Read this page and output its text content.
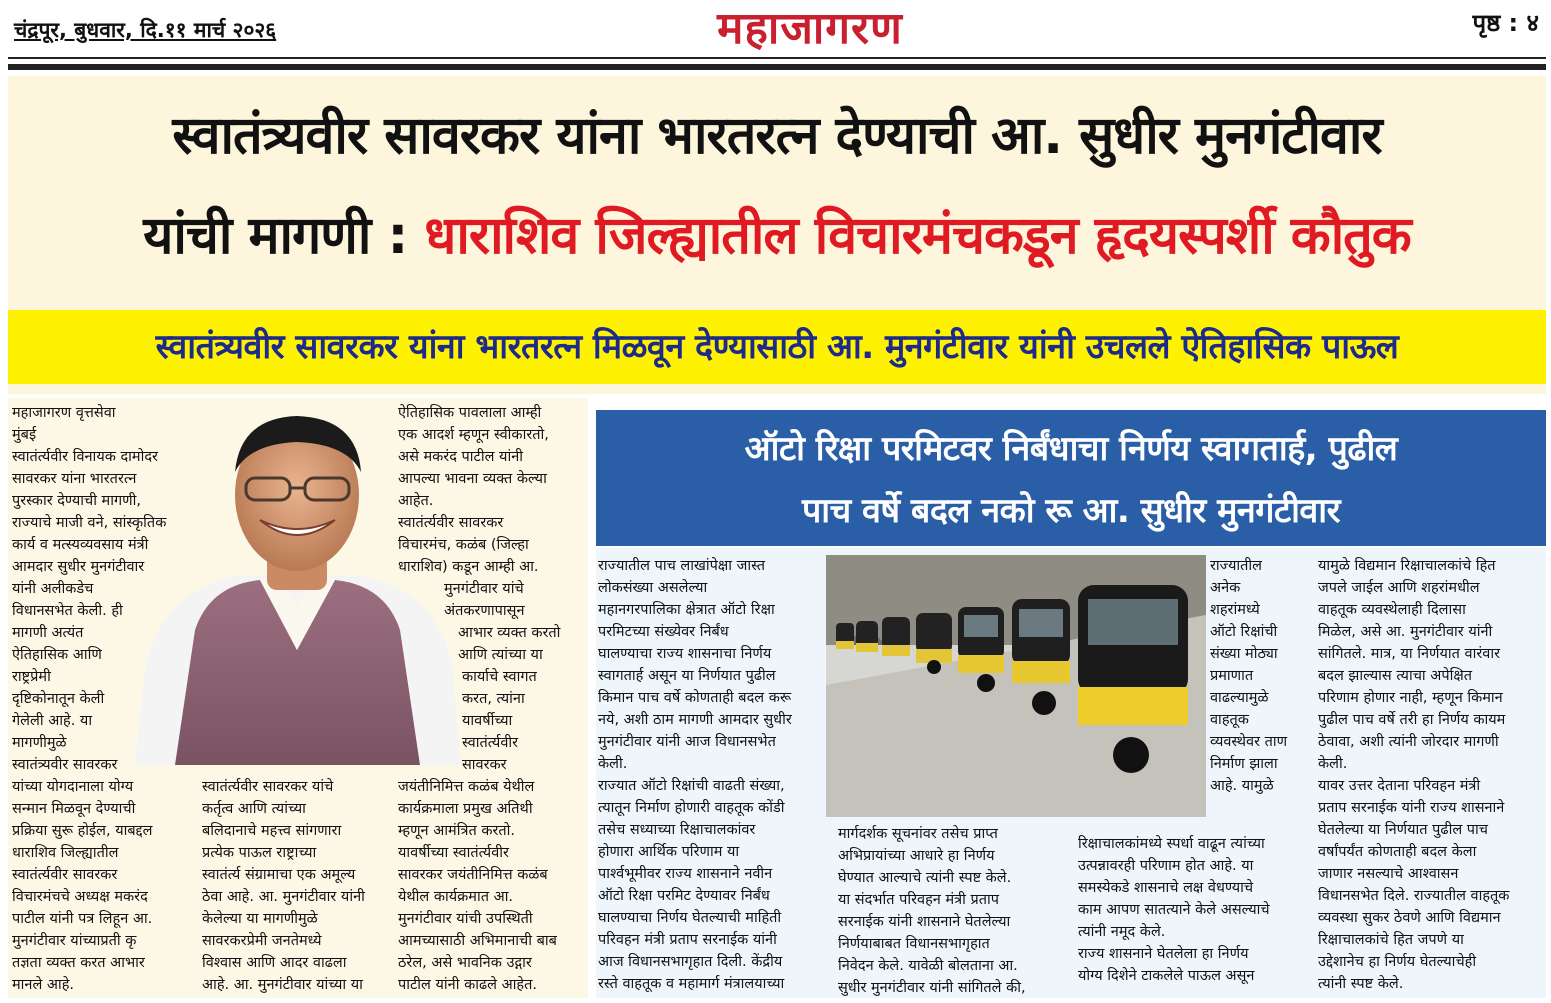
चंद्रपूर, बुधवार, दि.११ मार्च २०२६	महाजागरण	पृष्ठ : ४
स्वातंत्र्यवीर सावरकर यांना भारतरत्न देण्याची आ. सुधीर मुनगंटीवार
यांची मागणी : धाराशिव जिल्ह्यातील विचारमंचकडून हृदयस्पर्शी कौतुक
स्वातंत्र्यवीर सावरकर यांना भारतरत्न मिळवून देण्यासाठी आ. मुनगंटीवार यांनी उचलले ऐतिहासिक पाऊल

महाजागरण वृत्तसेवा

मुंबई

स्वातंर्त्यवीर विनायक दामोदर

सावरकर यांना भारतरत्न

पुरस्कार देण्याची मागणी,

राज्याचे माजी वने, सांस्कृतिक

कार्य व मत्स्यव्यवसाय मंत्री

आमदार सुधीर मुनगंटीवार

यांनी अलीकडेच

विधानसभेत केली. ही

मागणी अत्यंत

ऐतिहासिक आणि

राष्ट्रप्रेमी

दृष्टिकोनातून केली

गेलेली आहे. या

मागणीमुळे

स्वातंत्र्यवीर सावरकर

यांच्या योगदानाला योग्य

सन्मान मिळवून देण्याची

प्रक्रिया सुरू होईल, याबद्दल

धाराशिव जिल्ह्यातील

स्वातंर्त्यवीर सावरकर

विचारमंचचे अध्यक्ष मकरंद

पाटील यांनी पत्र लिहून आ.

मुनगंटीवार यांच्याप्रती कृ

तज्ञता व्यक्त करत आभार

मानले आहे.

स्वातंर्त्यवीर सावरकर यांचे

कर्तृत्व आणि त्यांच्या

बलिदानाचे महत्त्व सांगणारा

प्रत्येक पाऊल राष्ट्राच्या

स्वातंर्त्य संग्रामाचा एक अमूल्य

ठेवा आहे. आ. मुनगंटीवार यांनी

केलेल्या या मागणीमुळे

सावरकरप्रेमी जनतेमध्ये

विश्वास आणि आदर वाढला

आहे. आ. मुनगंटीवार यांच्या या

ऐतिहासिक पावलाला आम्ही

एक आदर्श म्हणून स्वीकारतो,

असे मकरंद पाटील यांनी

आपल्या भावना व्यक्त केल्या

आहेत.

स्वातंर्त्यवीर सावरकर

विचारमंच, कळंब (जिल्हा

धाराशिव) कडून आम्ही आ.

मुनगंटीवार यांचे

अंतकरणापासून

आभार व्यक्त करतो

आणि त्यांच्या या

कार्याचे स्वागत

करत, त्यांना

यावर्षीच्या

स्वातंर्त्यवीर

सावरकर

जयंतीनिमित्त कळंब येथील

कार्यक्रमाला प्रमुख अतिथी

म्हणून आमंत्रित करतो.

यावर्षीच्या स्वातंर्त्यवीर

सावरकर जयंतीनिमित्त कळंब

येथील कार्यक्रमात आ.

मुनगंटीवार यांची उपस्थिती

आमच्यासाठी अभिमानाची बाब

ठरेल, असे भावनिक उद्गार

पाटील यांनी काढले आहेत.

ऑटो रिक्षा परमिटवर निर्बंधाचा निर्णय स्वागतार्ह, पुढील
पाच वर्षे बदल नको रू आ. सुधीर मुनगंटीवार

राज्यातील पाच लाखांपेक्षा जास्त

लोकसंख्या असलेल्या

महानगरपालिका क्षेत्रात ऑटो रिक्षा

परमिटच्या संख्येवर निर्बंध

घालण्याचा राज्य शासनाचा निर्णय

स्वागतार्ह असून या निर्णयात पुढील

किमान पाच वर्षे कोणताही बदल करू

नये, अशी ठाम मागणी आमदार सुधीर

मुनगंटीवार यांनी आज विधानसभेत

केली.

राज्यात ऑटो रिक्षांची वाढती संख्या,

त्यातून निर्माण होणारी वाहतूक कोंडी

तसेच सध्याच्या रिक्षाचालकांवर

होणारा आर्थिक परिणाम या

पार्श्वभूमीवर राज्य शासनाने नवीन

ऑटो रिक्षा परमिट देण्यावर निर्बंध

घालण्याचा निर्णय घेतल्याची माहिती

परिवहन मंत्री प्रताप सरनाईक यांनी

आज विधानसभागृहात दिली. केंद्रीय

रस्ते वाहतूक व महामार्ग मंत्रालयाच्या

मार्गदर्शक सूचनांवर तसेच प्राप्त

अभिप्रायांच्या आधारे हा निर्णय

घेण्यात आल्याचे त्यांनी स्पष्ट केले.

या संदर्भात परिवहन मंत्री प्रताप

सरनाईक यांनी शासनाने घेतलेल्या

निर्णयाबाबत विधानसभागृहात

निवेदन केले. यावेळी बोलताना आ.

सुधीर मुनगंटीवार यांनी सांगितले की,

राज्यातील

अनेक

शहरांमध्ये

ऑटो रिक्षांची

संख्या मोठ्या

प्रमाणात

वाढल्यामुळे

वाहतूक

व्यवस्थेवर ताण

निर्माण झाला

आहे. यामुळे

रिक्षाचालकांमध्ये स्पर्धा वाढून त्यांच्या

उत्पन्नावरही परिणाम होत आहे. या

समस्येकडे शासनाचे लक्ष वेधण्याचे

काम आपण सातत्याने केले असल्याचे

त्यांनी नमूद केले.

राज्य शासनाने घेतलेला हा निर्णय

योग्य दिशेने टाकलेले पाऊल असून

यामुळे विद्यमान रिक्षाचालकांचे हित

जपले जाईल आणि शहरांमधील

वाहतूक व्यवस्थेलाही दिलासा

मिळेल, असे आ. मुनगंटीवार यांनी

सांगितले. मात्र, या निर्णयात वारंवार

बदल झाल्यास त्याचा अपेक्षित

परिणाम होणार नाही, म्हणून किमान

पुढील पाच वर्षे तरी हा निर्णय कायम

ठेवावा, अशी त्यांनी जोरदार मागणी

केली.

यावर उत्तर देताना परिवहन मंत्री

प्रताप सरनाईक यांनी राज्य शासनाने

घेतलेल्या या निर्णयात पुढील पाच

वर्षांपर्यंत कोणताही बदल केला

जाणार नसल्याचे आश्वासन

विधानसभेत दिले. राज्यातील वाहतूक

व्यवस्था सुकर ठेवणे आणि विद्यमान

रिक्षाचालकांचे हित जपणे या

उद्देशानेच हा निर्णय घेतल्याचेही

त्यांनी स्पष्ट केले.
